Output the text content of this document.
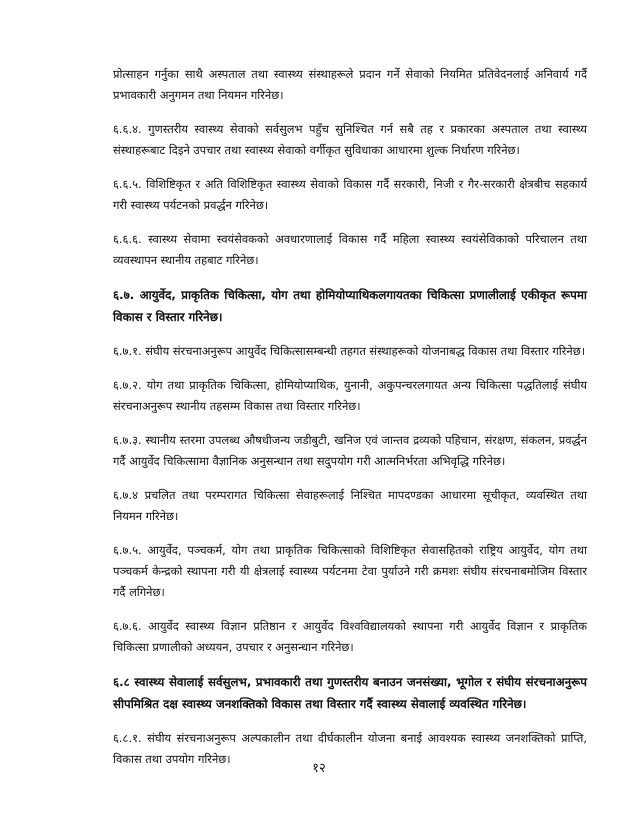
प्रोत्साहन गर्नुका साथै अस्पताल तथा स्वास्थ्य संस्थाहरूले प्रदान गर्ने सेवाको नियमित प्रतिवेदनलाई अनिवार्य गर्दै प्रभावकारी अनुगमन तथा नियमन गरिनेछ।

६.६.४. गुणस्तरीय स्वास्थ्य सेवाको सर्वसुलभ पहुँच सुनिश्चित गर्न सबै तह र प्रकारका अस्पताल तथा स्वास्थ्य संस्थाहरूबाट दिइने उपचार तथा स्वास्थ्य सेवाको वर्गीकृत सुविधाका आधारमा शुल्क निर्धारण गरिनेछ।

६.६.५. विशिष्टिकृत र अति विशिष्टिकृत स्वास्थ्य सेवाको विकास गर्दै सरकारी, निजी र गैर-सरकारी क्षेत्रबीच सहकार्य गरी स्वास्थ्य पर्यटनको प्रवर्द्धन गरिनेछ।

६.६.६. स्वास्थ्य सेवामा स्वयंसेवकको अवधारणालाई विकास गर्दै महिला स्वास्थ्य स्वयंसेविकाको परिचालन तथा व्यवस्थापन स्थानीय तहबाट गरिनेछ।

६.७. आयुर्वेद, प्राकृतिक चिकित्सा, योग तथा होमियोप्याथिकलगायतका चिकित्सा प्रणालीलाई एकीकृत रूपमा विकास र विस्तार गरिनेछ।

६.७.१. संघीय संरचनाअनुरूप आयुर्वेद चिकित्सासम्बन्धी तहगत संस्थाहरूको योजनाबद्ध विकास तथा विस्तार गरिनेछ।

६.७.२. योग तथा प्राकृतिक चिकित्सा, होमियोप्याथिक, युनानी, अकुपन्चरलगायत अन्य चिकित्सा पद्धतिलाई संघीय संरचनाअनुरूप स्थानीय तहसम्म विकास तथा विस्तार गरिनेछ।

६.७.३. स्थानीय स्तरमा उपलब्ध औषधीजन्य जडीबुटी, खनिज एवं जान्तव द्रव्यको पहिचान, संरक्षण, संकलन, प्रवर्द्धन गर्दै आयुर्वेद चिकित्सामा वैज्ञानिक अनुसन्धान तथा सदुपयोग गरी आत्मनिर्भरता अभिवृद्धि गरिनेछ।

६.७.४ प्रचलित तथा परम्परागत चिकित्सा सेवाहरूलाई निश्चित मापदण्डका आधारमा सूचीकृत, व्यवस्थित तथा नियमन गरिनेछ।

६.७.५. आयुर्वेद, पञ्चकर्म, योग तथा प्राकृतिक चिकित्साको विशिष्टिकृत सेवासहितको राष्ट्रिय आयुर्वेद, योग तथा पञ्चकर्म केन्द्रको स्थापना गरी यी क्षेत्रलाई स्वास्थ्य पर्यटनमा टेवा पुर्याउने गरी क्रमशः संघीय संरचनाबमोजिम विस्तार गर्दै लगिनेछ।

६.७.६. आयुर्वेद स्वास्थ्य विज्ञान प्रतिष्ठान र आयुर्वेद विश्वविद्यालयको स्थापना गरी आयुर्वेद विज्ञान र प्राकृतिक चिकित्सा प्रणालीको अध्ययन, उपचार र अनुसन्धान गरिनेछ।

६.८ स्वास्थ्य सेवालाई सर्वसुलभ, प्रभावकारी तथा गुणस्तरीय बनाउन जनसंख्या, भूगोल र संघीय संरचनाअनुरूप सीपमिश्रित दक्ष स्वास्थ्य जनशक्तिको विकास तथा विस्तार गर्दै स्वास्थ्य सेवालाई व्यवस्थित गरिनेछ।

६.८.१. संघीय संरचनाअनुरूप अल्पकालीन तथा दीर्घकालीन योजना बनाई आवश्यक स्वास्थ्य जनशक्तिको प्राप्ति, विकास तथा उपयोग गरिनेछ।

१२
